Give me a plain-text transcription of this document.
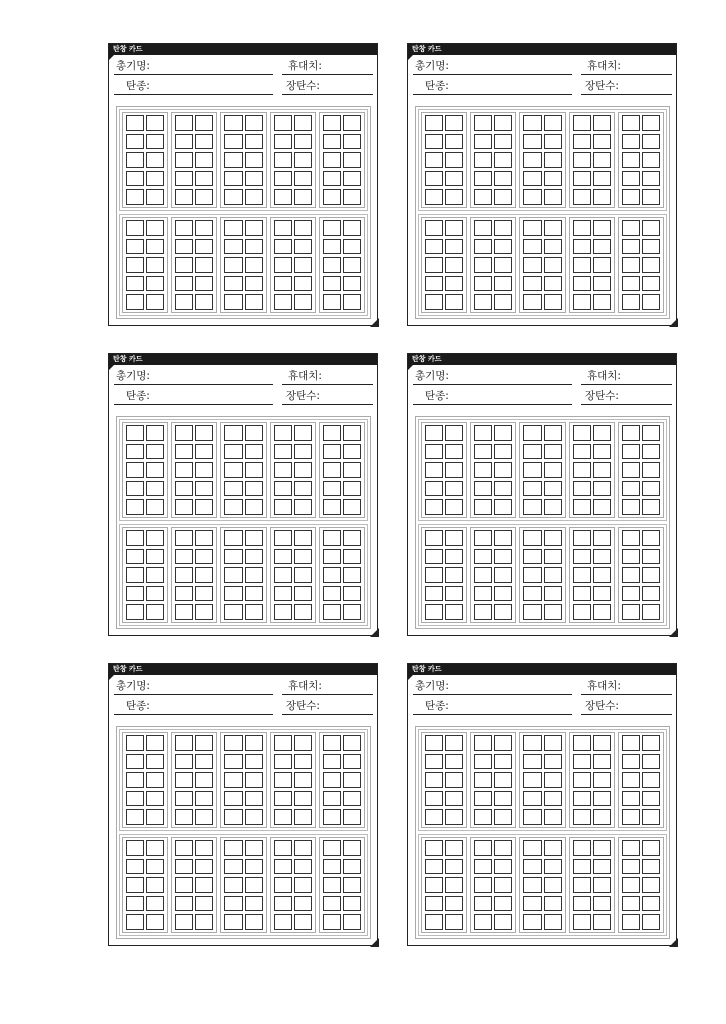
탄창 카드
총기명:	휴대치:
탄종:	장탄수:
탄창 카드
총기명:	휴대치:
탄종:	장탄수:
탄창 카드
총기명:	휴대치:
탄종:	장탄수:
탄창 카드
총기명:	휴대치:
탄종:	장탄수:
탄창 카드
총기명:	휴대치:
탄종:	장탄수:
탄창 카드
총기명:	휴대치:
탄종:	장탄수:
